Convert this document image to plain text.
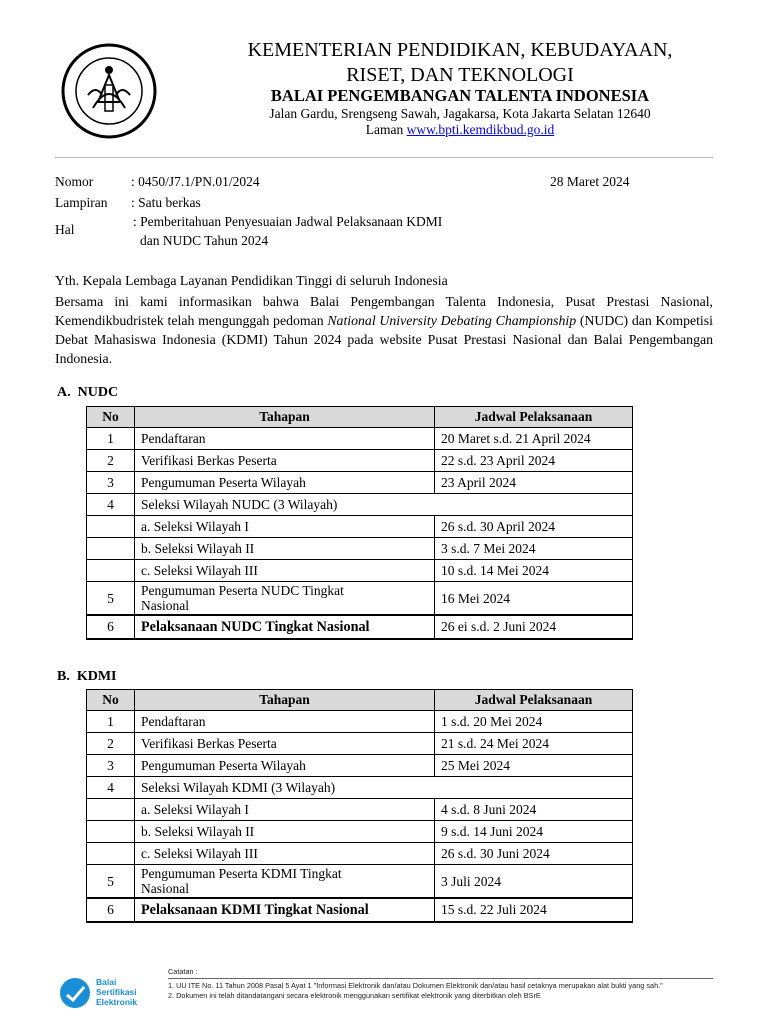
KEMENTERIAN PENDIDIKAN, KEBUDAYAAN,
RISET, DAN TEKNOLOGI
BALAI PENGEMBANGAN TALENTA INDONESIA
Jalan Gardu, Srengseng Sawah, Jagakarsa, Kota Jakarta Selatan 12640
Laman www.bpti.kemdikbud.go.id
Nomor	: 0450/J7.1/PN.01/2024	28 Maret 2024
Lampiran : Satu berkas
Hal
: Pemberitahuan Penyesuaian Jadwal Pelaksanaan KDMI
dan NUDC Tahun 2024
Yth. Kepala Lembaga Layanan Pendidikan Tinggi di seluruh Indonesia
Bersama ini kami informasikan bahwa Balai Pengembangan Talenta Indonesia, Pusat Prestasi Nasional, Kemendikbudristek telah mengunggah pedoman National University Debating Championship (NUDC) dan Kompetisi Debat Mahasiswa Indonesia (KDMI) Tahun 2024 pada website Pusat Prestasi Nasional dan Balai Pengembangan Indonesia.
A. NUDC
No	Tahapan	Jadwal Pelaksanaan
1	Pendaftaran	20 Maret s.d. 21 April 2024
2	Verifikasi Berkas Peserta	22 s.d. 23 April 2024
3	Pengumuman Peserta Wilayah	23 April 2024
4	Seleksi Wilayah NUDC (3 Wilayah)	
	a. Seleksi Wilayah I	26 s.d. 30 April 2024
	b. Seleksi Wilayah II	3 s.d. 7 Mei 2024
	c. Seleksi Wilayah III	10 s.d. 14 Mei 2024
5	Pengumuman Peserta NUDC Tingkat
Nasional	16 Mei 2024
6	Pelaksanaan NUDC Tingkat Nasional	26 ei s.d. 2 Juni 2024
B. KDMI
No	Tahapan	Jadwal Pelaksanaan
1	Pendaftaran	1 s.d. 20 Mei 2024
2	Verifikasi Berkas Peserta	21 s.d. 24 Mei 2024
3	Pengumuman Peserta Wilayah	25 Mei 2024
4	Seleksi Wilayah KDMI (3 Wilayah)	
	a. Seleksi Wilayah I	4 s.d. 8 Juni 2024
	b. Seleksi Wilayah II	9 s.d. 14 Juni 2024
	c. Seleksi Wilayah III	26 s.d. 30 Juni 2024
5	Pengumuman Peserta KDMI Tingkat
Nasional	3 Juli 2024
6	Pelaksanaan KDMI Tingkat Nasional	15 s.d. 22 Juli 2024
Balai
Sertifikasi
Elektronik
Catatan :
1. UU ITE No. 11 Tahun 2008 Pasal 5 Ayat 1 "Informasi Elektronik dan/atau Dokumen Elektronik dan/atau hasil cetaknya merupakan alat bukti yang sah."
2. Dokumen ini telah ditandatangani secara elektronik menggunakan sertifikat elektronik yang diterbitkan oleh BSrE
